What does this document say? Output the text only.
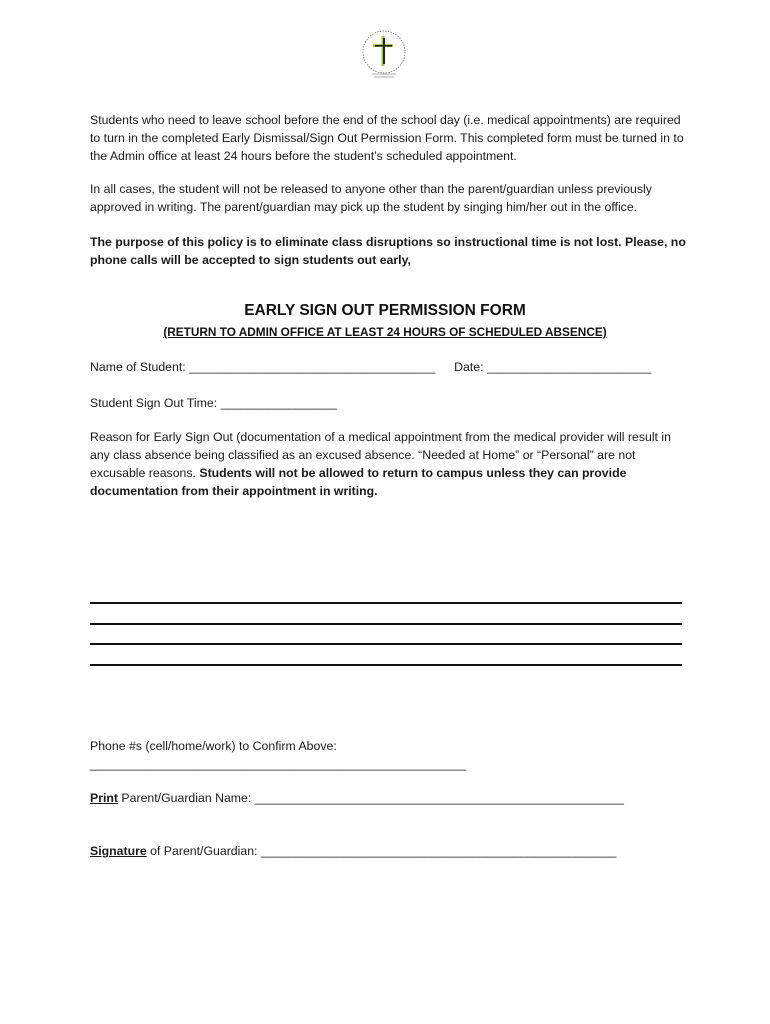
Students who need to leave school before the end of the school day (i.e. medical appointments) are required to turn in the completed Early Dismissal/Sign Out Permission Form. This completed form must be turned in to the Admin office at least 24 hours before the student’s scheduled appointment.
In all cases, the student will not be released to anyone other than the parent/guardian unless previously approved in writing. The parent/guardian may pick up the student by singing him/her out in the office.
The purpose of this policy is to eliminate class disruptions so instructional time is not lost. Please, no phone calls will be accepted to sign students out early,
EARLY SIGN OUT PERMISSION FORM
(RETURN TO ADMIN OFFICE AT LEAST 24 HOURS OF SCHEDULED ABSENCE)
Name of Student: ____________________________________ Date: ________________________
Student Sign Out Time: _________________
Reason for Early Sign Out (documentation of a medical appointment from the medical provider will result in any class absence being classified as an excused absence. “Needed at Home” or “Personal” are not excusable reasons. Students will not be allowed to return to campus unless they can provide documentation from their appointment in writing.
Phone #s (cell/home/work) to Confirm Above:
_______________________________________________________
Print Parent/Guardian Name: ______________________________________________________
Signature of Parent/Guardian: ____________________________________________________
